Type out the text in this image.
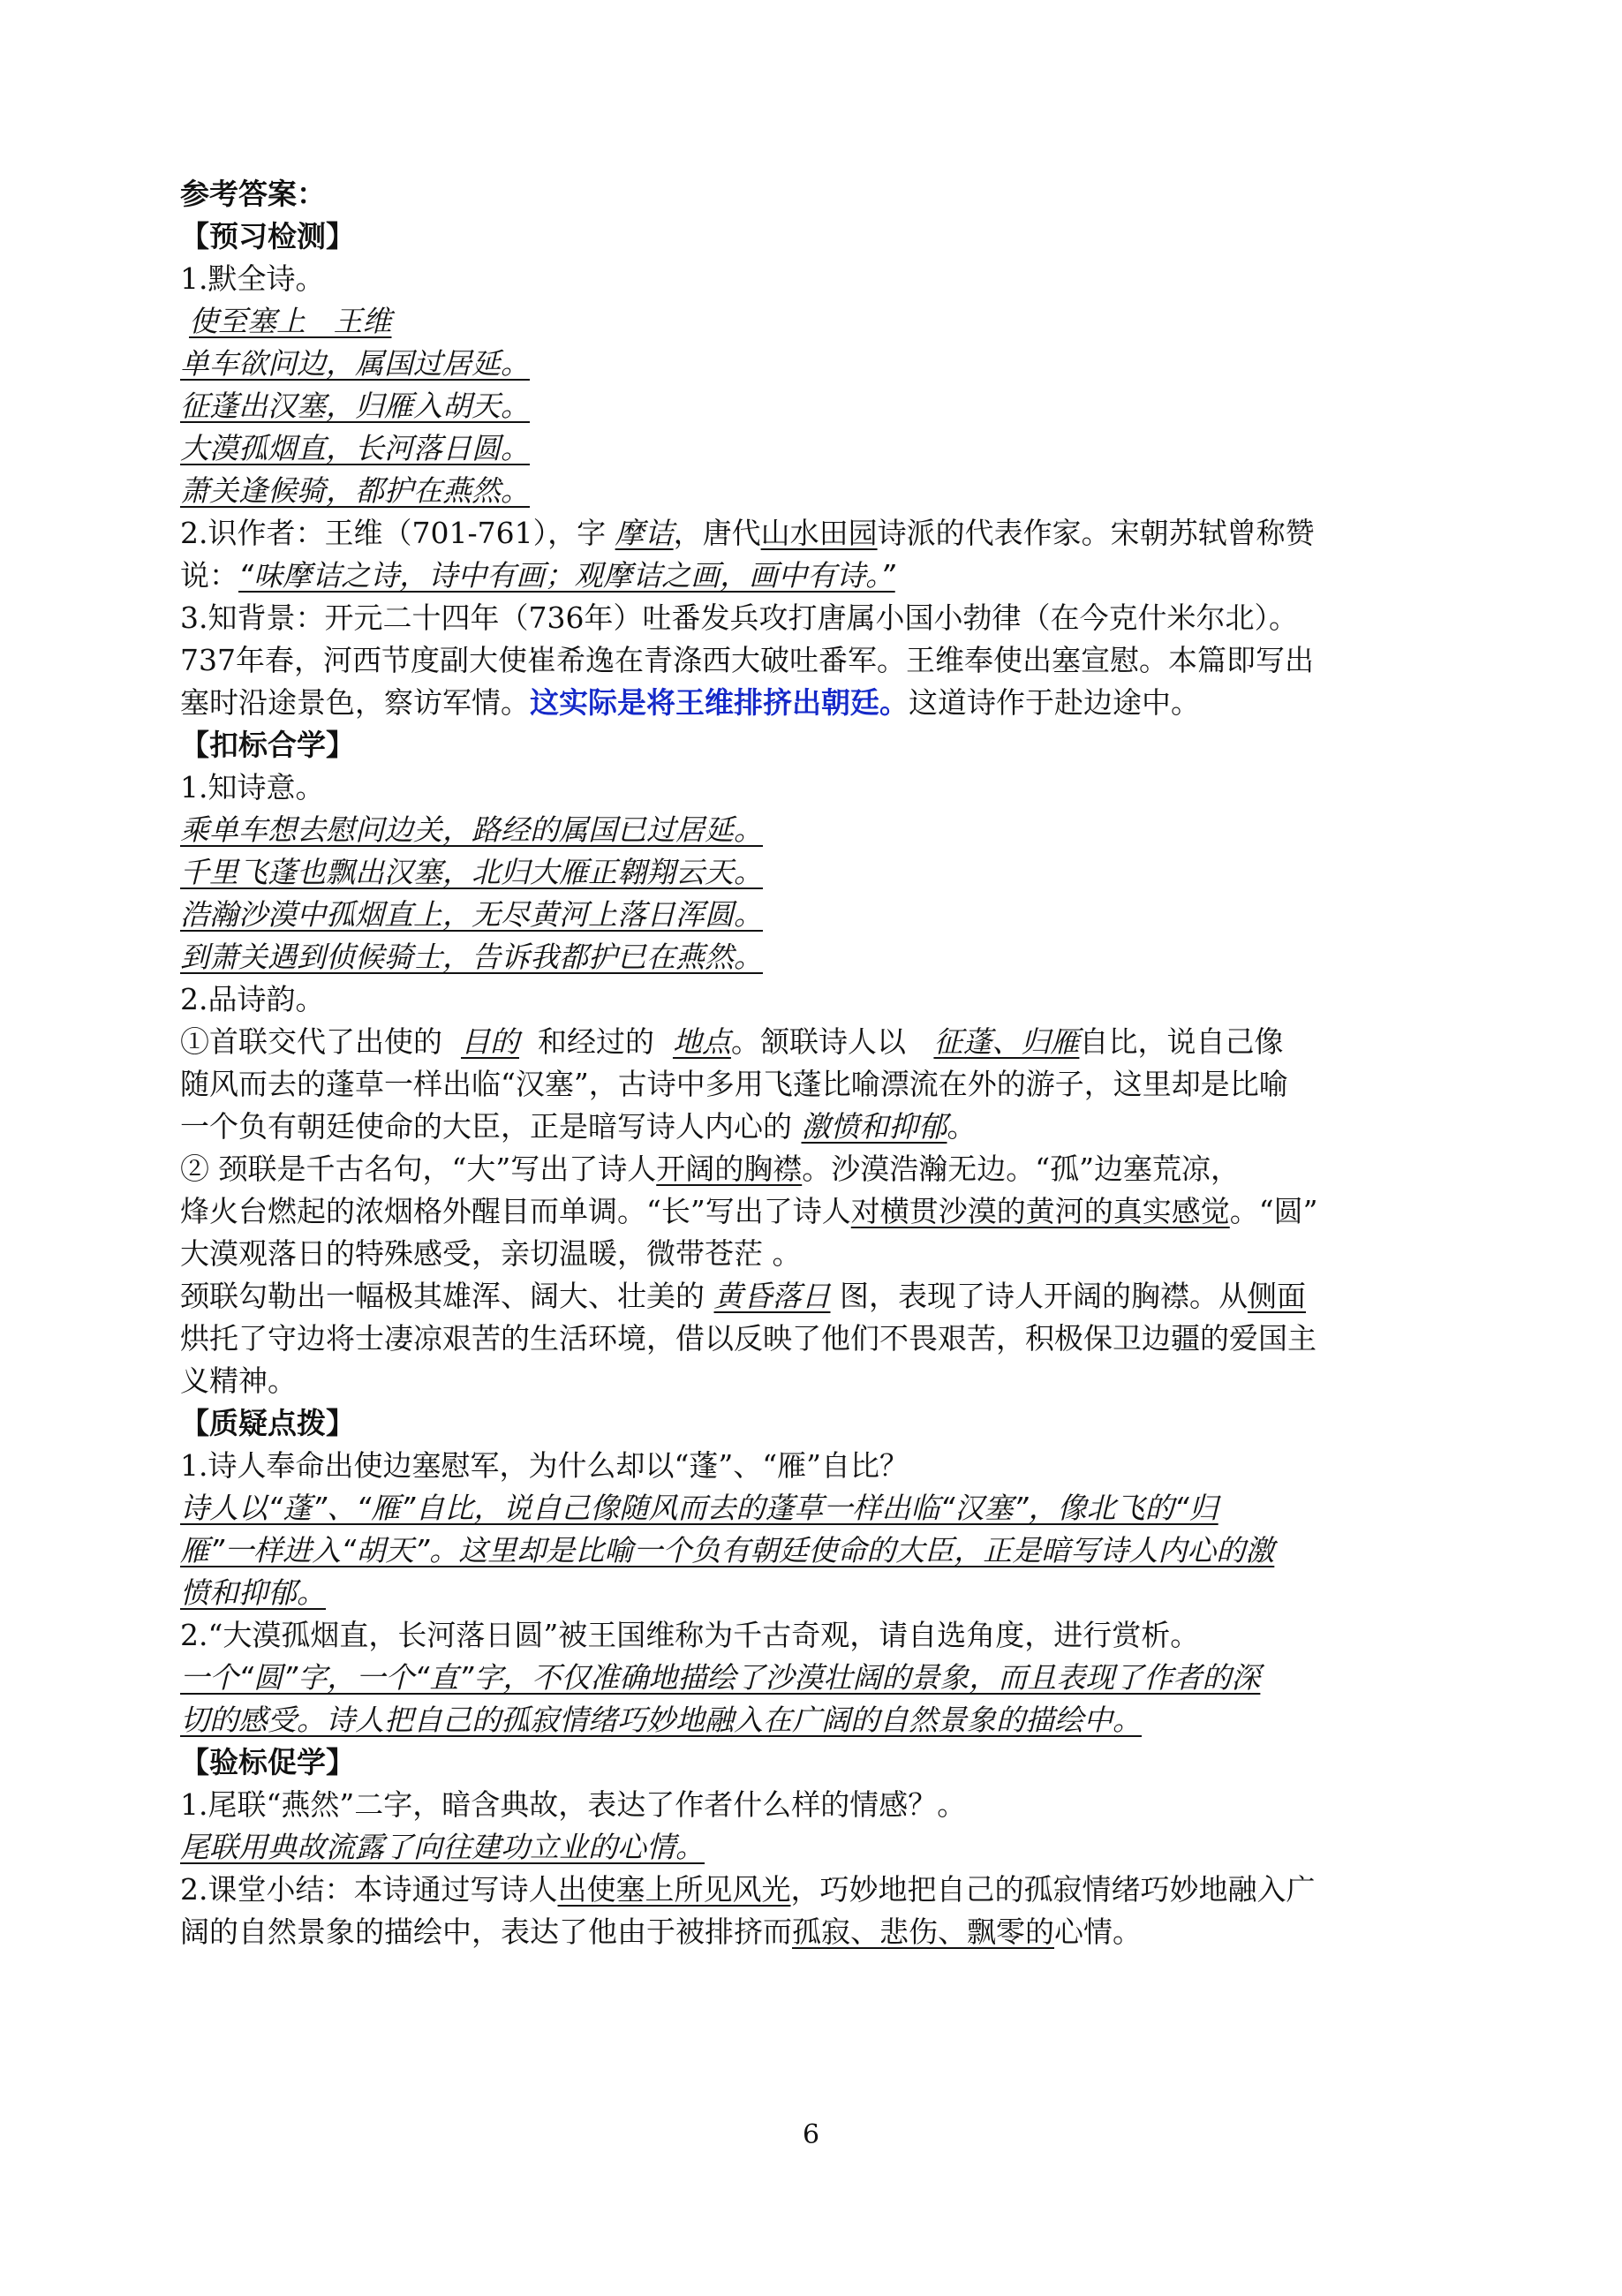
参考答案：
【预习检测】
1.默全诗。
使至塞上 王维
单车欲问边，属国过居延。
征蓬出汉塞，归雁入胡天。
大漠孤烟直，长河落日圆。
萧关逢候骑，都护在燕然。
2.识作者：王维（701-761），字 摩诘，唐代山水田园诗派的代表作家。宋朝苏轼曾称赞
说：“味摩诘之诗，诗中有画；观摩诘之画，画中有诗。”
3.知背景：开元二十四年（736年）吐番发兵攻打唐属小国小勃律（在今克什米尔北）。
737年春，河西节度副大使崔希逸在青涤西大破吐番军。王维奉使出塞宣慰。本篇即写出
塞时沿途景色，察访军情。这实际是将王维排挤出朝廷。这道诗作于赴边途中。
【扣标合学】
1.知诗意。
乘单车想去慰问边关，路经的属国已过居延。
千里飞蓬也飘出汉塞，北归大雁正翱翔云天。
浩瀚沙漠中孤烟直上，无尽黄河上落日浑圆。
到萧关遇到侦候骑士，告诉我都护已在燕然。
2.品诗韵。
①首联交代了出使的 目的 和经过的 地点。颔联诗人以 征蓬、归雁自比，说自己像
随风而去的蓬草一样出临“汉塞”，古诗中多用飞蓬比喻漂流在外的游子，这里却是比喻
一个负有朝廷使命的大臣，正是暗写诗人内心的 激愤和抑郁。
② 颈联是千古名句，“大”写出了诗人开阔的胸襟。沙漠浩瀚无边。“孤”边塞荒凉，
烽火台燃起的浓烟格外醒目而单调。“长”写出了诗人对横贯沙漠的黄河的真实感觉。“圆”
大漠观落日的特殊感受，亲切温暖，微带苍茫 。
颈联勾勒出一幅极其雄浑、阔大、壮美的 黄昏落日 图，表现了诗人开阔的胸襟。从侧面
烘托了守边将士凄凉艰苦的生活环境，借以反映了他们不畏艰苦，积极保卫边疆的爱国主
义精神。
【质疑点拨】
1.诗人奉命出使边塞慰军，为什么却以“蓬”、“雁”自比？
诗人以“蓬”、“雁”自比，说自己像随风而去的蓬草一样出临“汉塞”，像北飞的“归
雁”一样进入“胡天”。这里却是比喻一个负有朝廷使命的大臣，正是暗写诗人内心的激
愤和抑郁。
2.“大漠孤烟直，长河落日圆”被王国维称为千古奇观，请自选角度，进行赏析。
一个“圆”字，一个“直”字，不仅准确地描绘了沙漠壮阔的景象，而且表现了作者的深
切的感受。诗人把自己的孤寂情绪巧妙地融入在广阔的自然景象的描绘中。
【验标促学】
1.尾联“燕然”二字，暗含典故，表达了作者什么样的情感？。
尾联用典故流露了向往建功立业的心情。
2.课堂小结：本诗通过写诗人出使塞上所见风光，巧妙地把自己的孤寂情绪巧妙地融入广
阔的自然景象的描绘中，表达了他由于被排挤而孤寂、悲伤、飘零的心情。
6
